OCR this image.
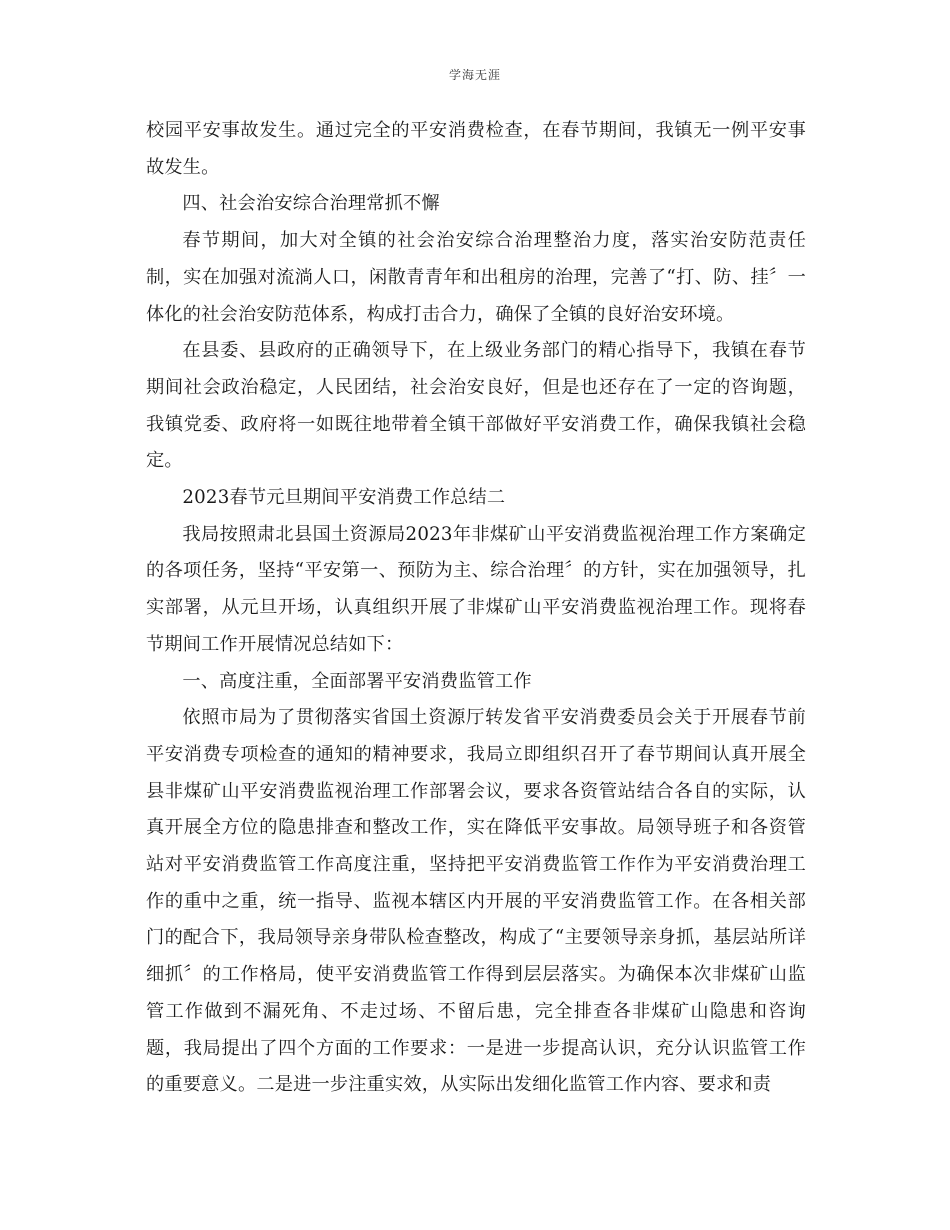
学海无涯

校园平安事故发生。通过完全的平安消费检查，在春节期间，我镇无一例平安事故发生。

四、社会治安综合治理常抓不懈

春节期间，加大对全镇的社会治安综合治理整治力度，落实治安防范责任制，实在加强对流淌人口，闲散青青年和出租房的治理，完善了“打、防、挂〞一体化的社会治安防范体系，构成打击合力，确保了全镇的良好治安环境。

在县委、县政府的正确领导下，在上级业务部门的精心指导下，我镇在春节期间社会政治稳定，人民团结，社会治安良好，但是也还存在了一定的咨询题，我镇党委、政府将一如既往地带着全镇干部做好平安消费工作，确保我镇社会稳定。

2023春节元旦期间平安消费工作总结二

我局按照肃北县国土资源局2023年非煤矿山平安消费监视治理工作方案确定的各项任务，坚持“平安第一、预防为主、综合治理〞的方针，实在加强领导，扎实部署，从元旦开场，认真组织开展了非煤矿山平安消费监视治理工作。现将春节期间工作开展情况总结如下：

一、高度注重，全面部署平安消费监管工作

依照市局为了贯彻落实省国土资源厅转发省平安消费委员会关于开展春节前平安消费专项检查的通知的精神要求，我局立即组织召开了春节期间认真开展全县非煤矿山平安消费监视治理工作部署会议，要求各资管站结合各自的实际，认真开展全方位的隐患排查和整改工作，实在降低平安事故。局领导班子和各资管站对平安消费监管工作高度注重，坚持把平安消费监管工作作为平安消费治理工作的重中之重，统一指导、监视本辖区内开展的平安消费监管工作。在各相关部门的配合下，我局领导亲身带队检查整改，构成了“主要领导亲身抓，基层站所详细抓〞的工作格局，使平安消费监管工作得到层层落实。为确保本次非煤矿山监管工作做到不漏死角、不走过场、不留后患，完全排查各非煤矿山隐患和咨询题，我局提出了四个方面的工作要求：一是进一步提高认识，充分认识监管工作的重要意义。二是进一步注重实效，从实际出发细化监管工作内容、要求和责
